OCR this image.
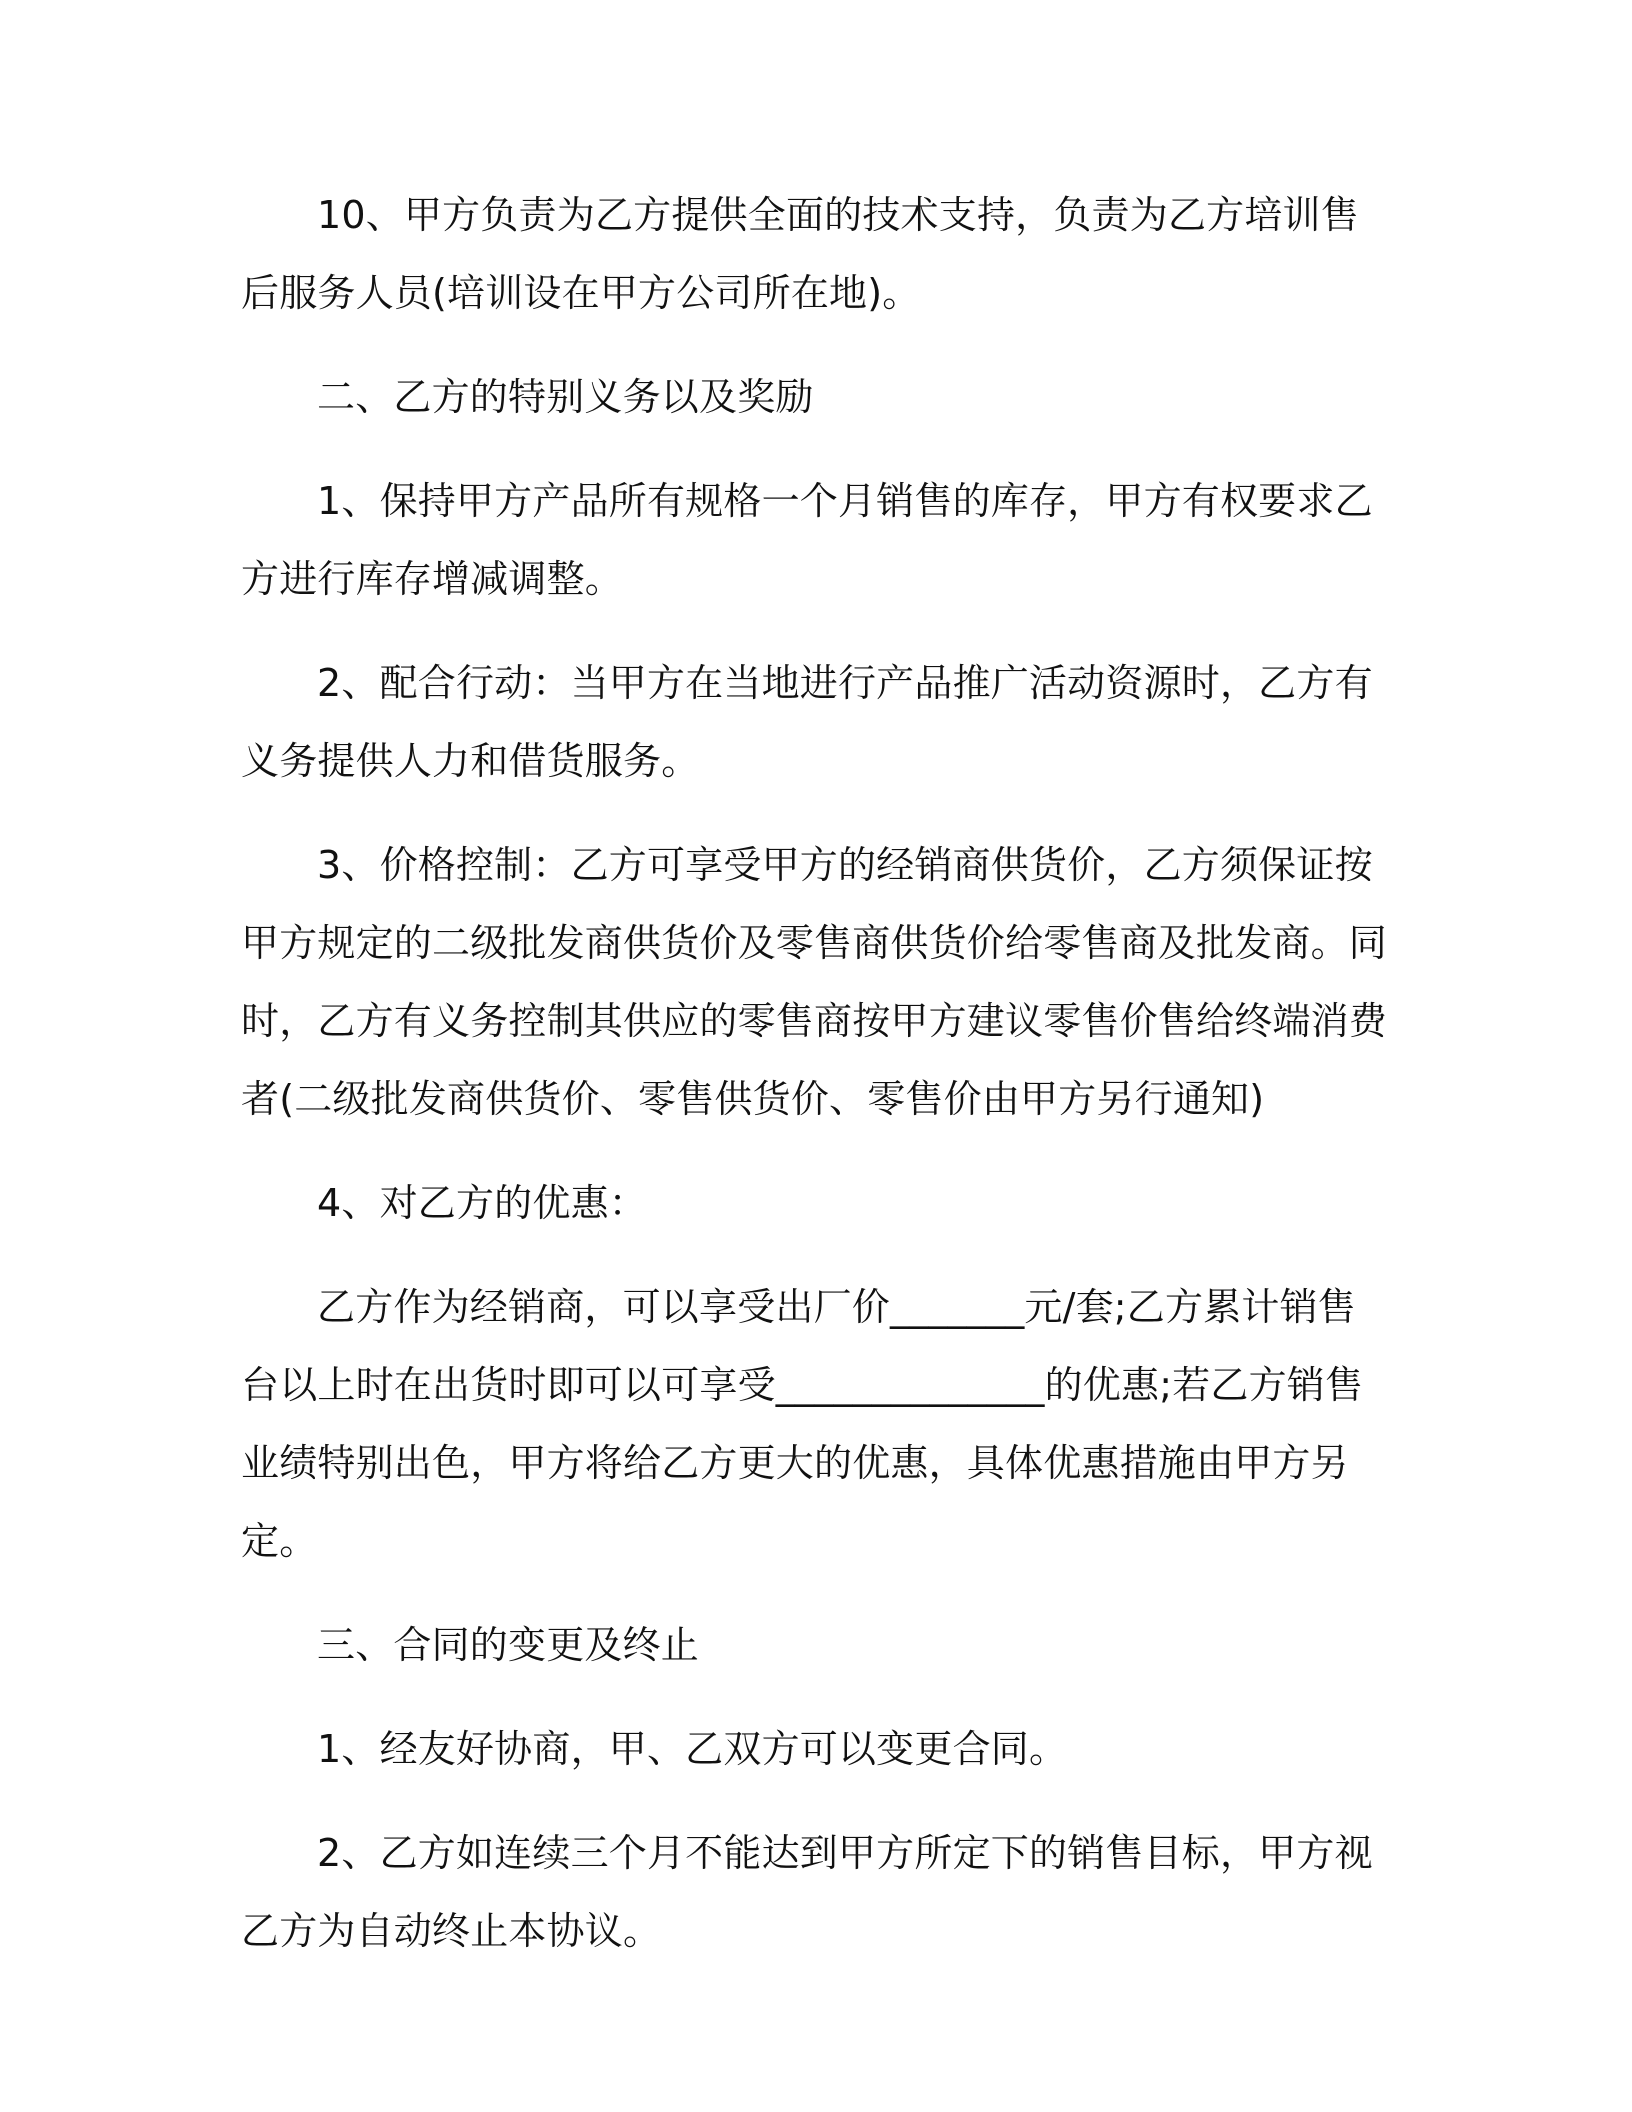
10、甲方负责为乙方提供全面的技术支持，负责为乙方培训售后服务人员(培训设在甲方公司所在地)。

二、乙方的特别义务以及奖励

1、保持甲方产品所有规格一个月销售的库存，甲方有权要求乙方进行库存增减调整。

2、配合行动：当甲方在当地进行产品推广活动资源时，乙方有义务提供人力和借货服务。

3、价格控制：乙方可享受甲方的经销商供货价，乙方须保证按甲方规定的二级批发商供货价及零售商供货价给零售商及批发商。同时，乙方有义务控制其供应的零售商按甲方建议零售价售给终端消费者(二级批发商供货价、零售供货价、零售价由甲方另行通知)

4、对乙方的优惠：

乙方作为经销商，可以享受出厂价_______元/套;乙方累计销售台以上时在出货时即可以可享受______________的优惠;若乙方销售业绩特别出色，甲方将给乙方更大的优惠，具体优惠措施由甲方另定。

三、合同的变更及终止

1、经友好协商，甲、乙双方可以变更合同。

2、乙方如连续三个月不能达到甲方所定下的销售目标，甲方视乙方为自动终止本协议。
